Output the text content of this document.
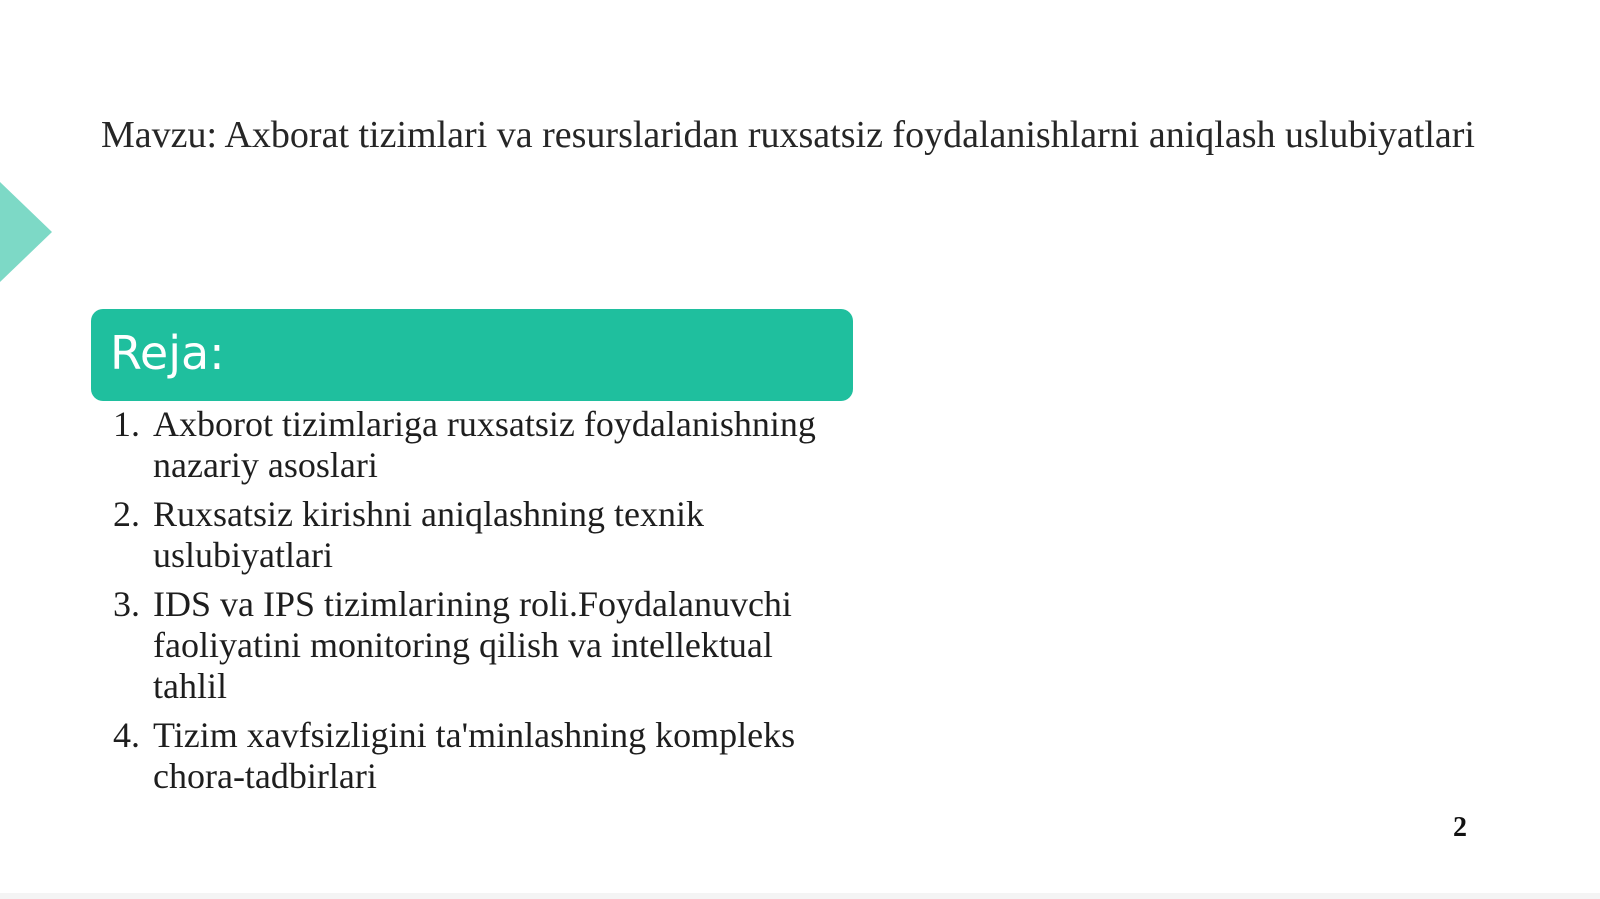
Mavzu: Axborat tizimlari va resurslaridan ruxsatsiz foydalanishlarni aniqlash uslubiyatlari
Reja:
1. Axborot tizimlariga ruxsatsiz foydalanishning nazariy asoslari
2. Ruxsatsiz kirishni aniqlashning texnik uslubiyatlari
3. IDS va IPS tizimlarining roli.Foydalanuvchi faoliyatini monitoring qilish va intellektual tahlil
4. Tizim xavfsizligini ta'minlashning kompleks chora-tadbirlari

2
